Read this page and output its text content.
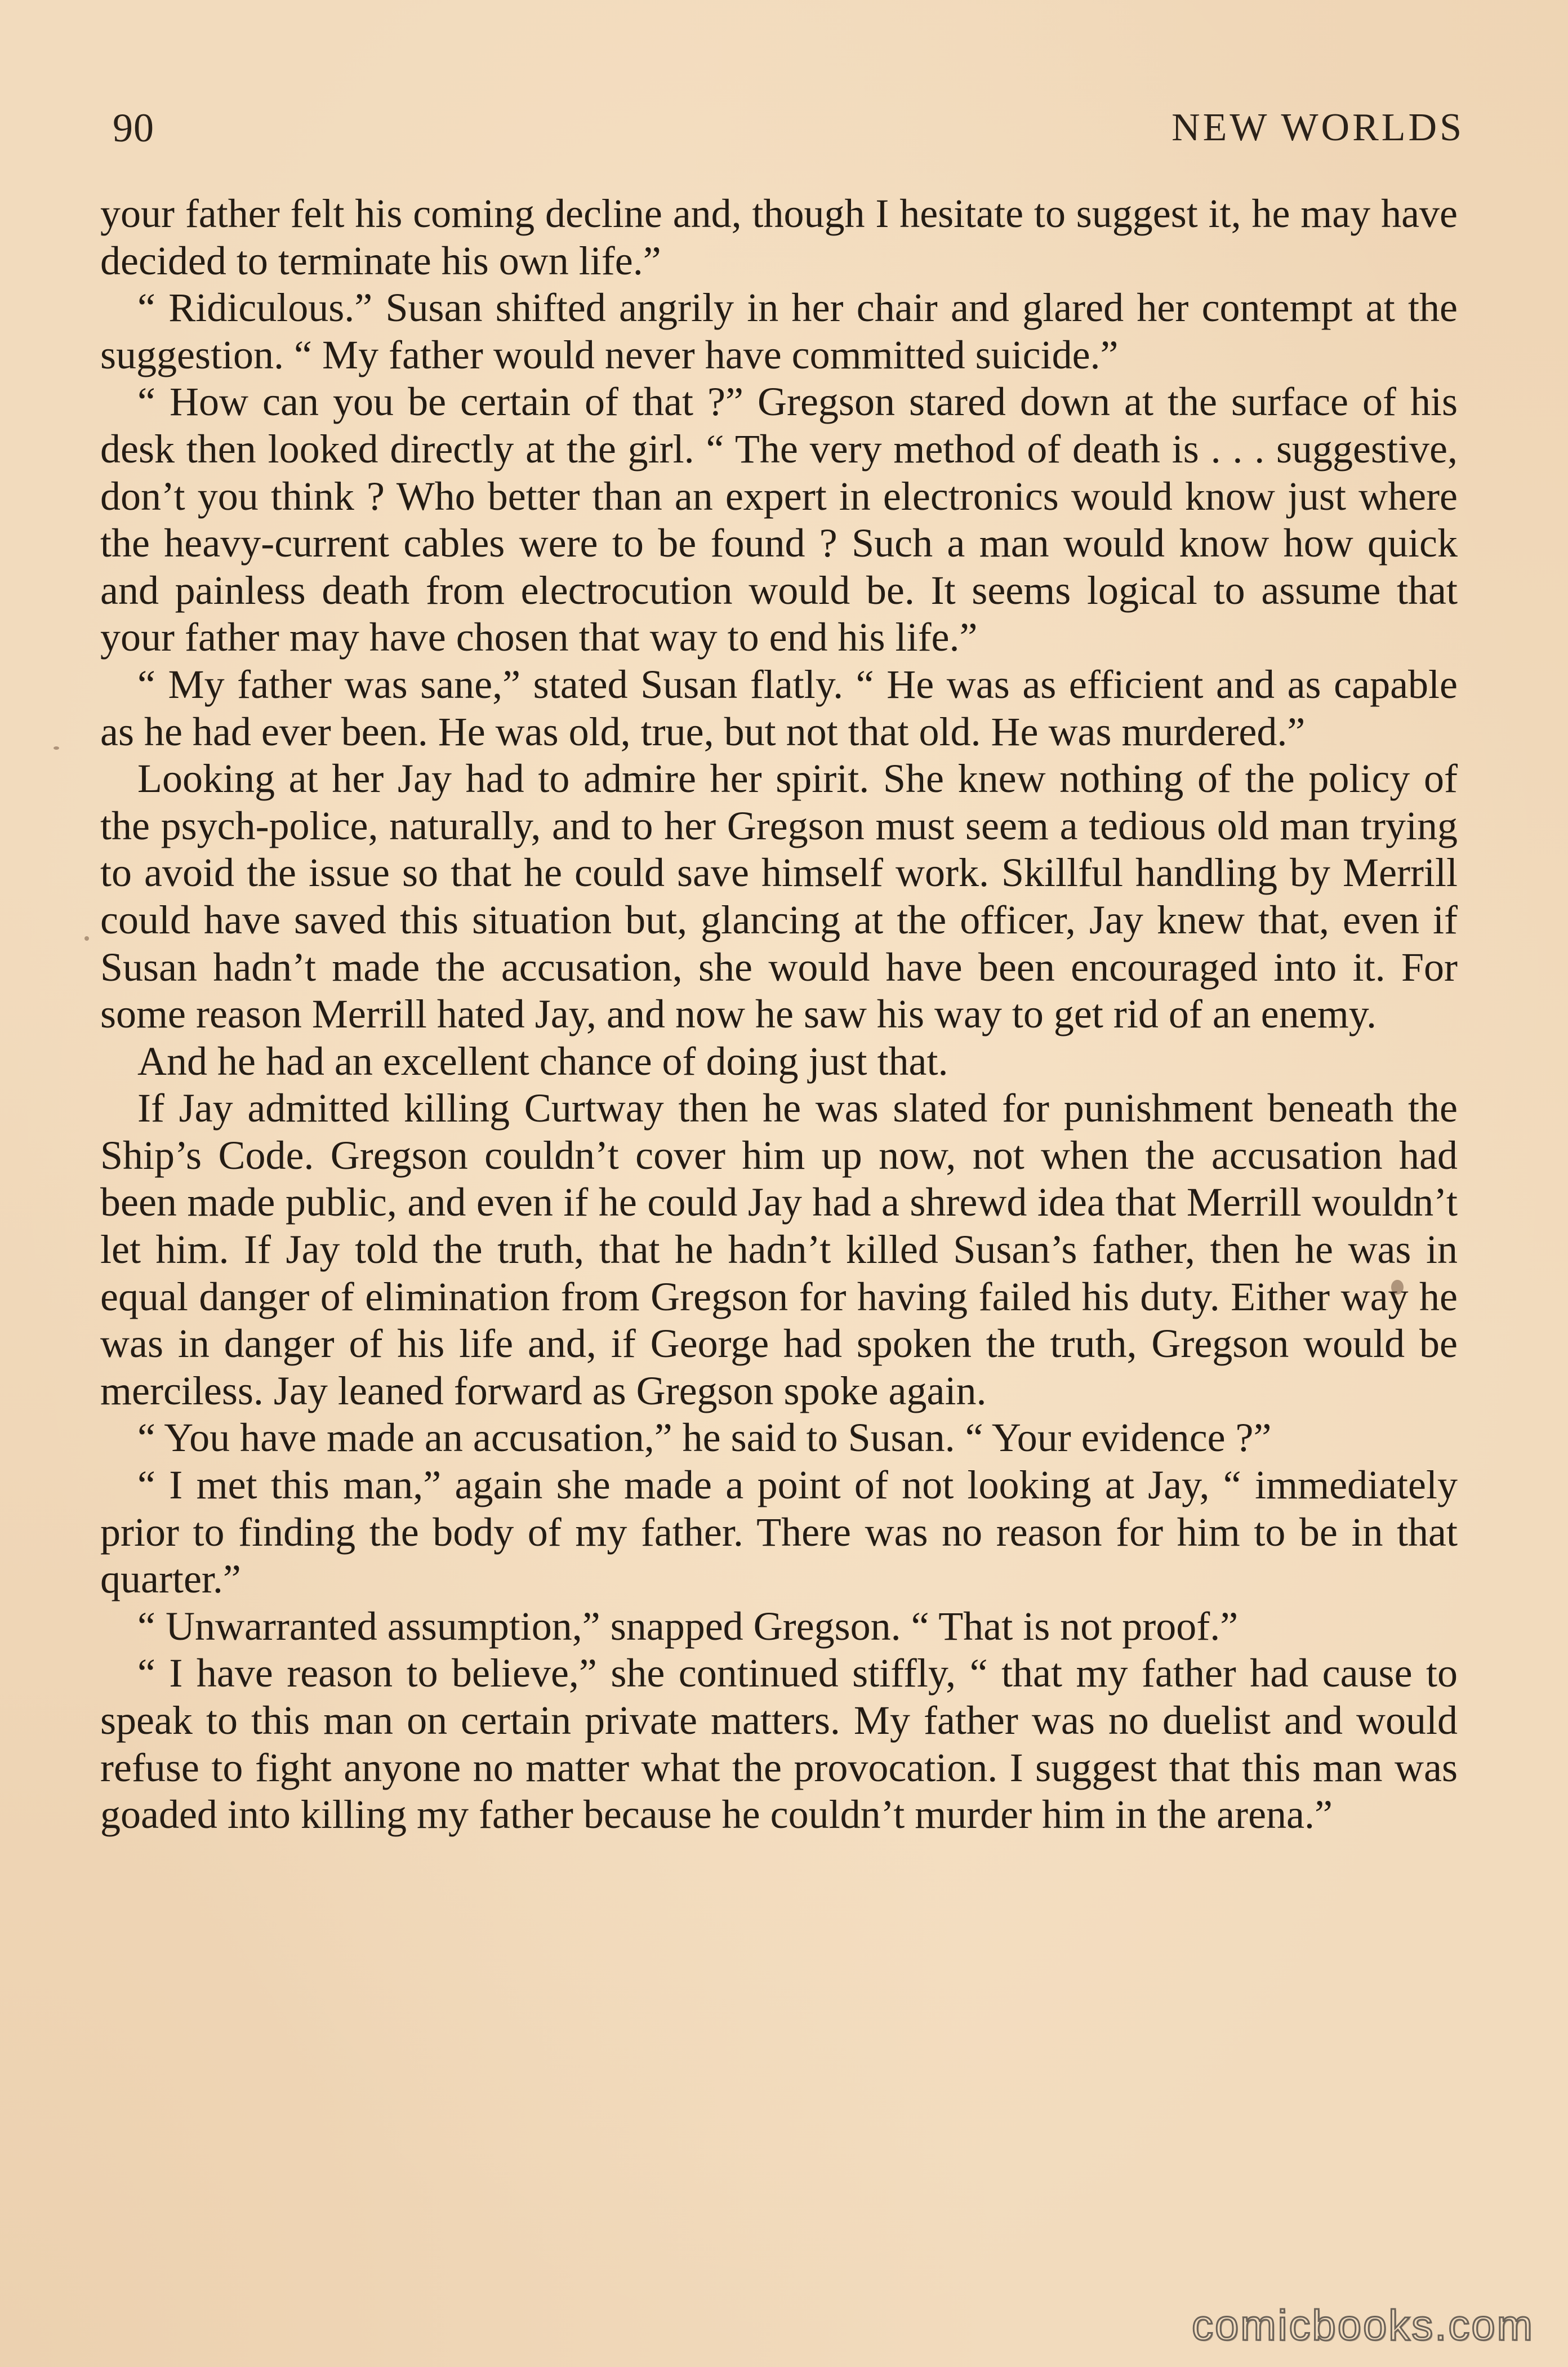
90	NEW WORLDS

your father felt his coming decline and, though I hesitate to suggest it, he may have decided to terminate his own life.”

“ Ridiculous.” Susan shifted angrily in her chair and glared her contempt at the suggestion. “ My father would never have committed suicide.”

“ How can you be certain of that ?” Gregson stared down at the surface of his desk then looked directly at the girl. “ The very method of death is . . . suggestive, don’t you think ? Who better than an expert in electronics would know just where the heavy-current cables were to be found ? Such a man would know how quick and painless death from electrocution would be. It seems logical to assume that your father may have chosen that way to end his life.”

“ My father was sane,” stated Susan flatly. “ He was as efficient and as capable as he had ever been. He was old, true, but not that old. He was murdered.”

Looking at her Jay had to admire her spirit. She knew nothing of the policy of the psych-police, naturally, and to her Gregson must seem a tedious old man trying to avoid the issue so that he could save himself work. Skillful handling by Merrill could have saved this situation but, glancing at the officer, Jay knew that, even if Susan hadn’t made the accusation, she would have been encouraged into it. For some reason Merrill hated Jay, and now he saw his way to get rid of an enemy.

And he had an excellent chance of doing just that.

If Jay admitted killing Curtway then he was slated for punishment beneath the Ship’s Code. Gregson couldn’t cover him up now, not when the accusation had been made public, and even if he could Jay had a shrewd idea that Merrill wouldn’t let him. If Jay told the truth, that he hadn’t killed Susan’s father, then he was in equal danger of elimination from Gregson for having failed his duty. Either way he was in danger of his life and, if George had spoken the truth, Gregson would be merciless. Jay leaned forward as Gregson spoke again.

“ You have made an accusation,” he said to Susan. “ Your evidence ?”

“ I met this man,” again she made a point of not looking at Jay, “ immediately prior to finding the body of my father. There was no reason for him to be in that quarter.”

“ Unwarranted assumption,” snapped Gregson. “ That is not proof.”

“ I have reason to believe,” she continued stiffly, “ that my father had cause to speak to this man on certain private matters. My father was no duelist and would refuse to fight anyone no matter what the provocation. I suggest that this man was goaded into killing my father because he couldn’t murder him in the arena.”

comicbooks.com
